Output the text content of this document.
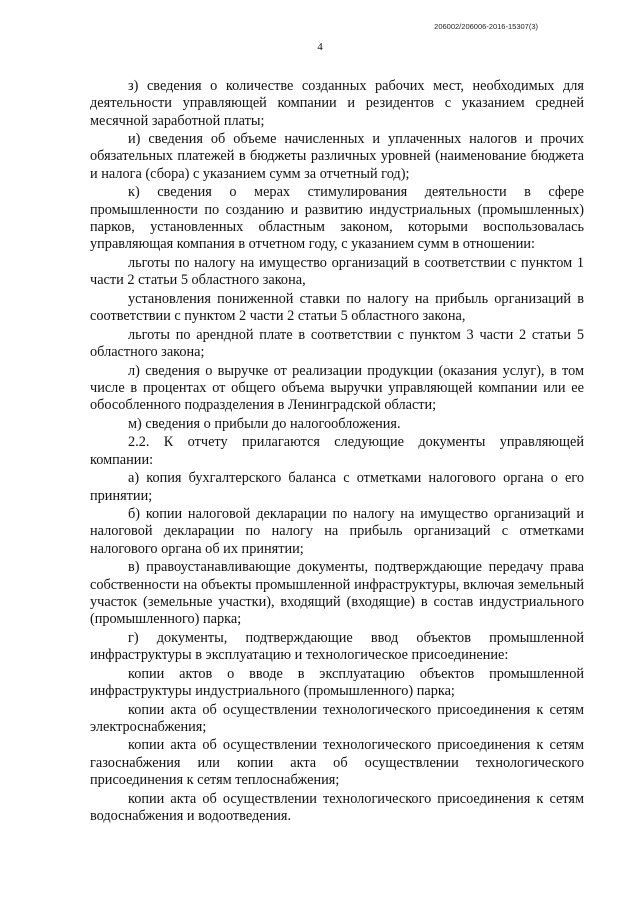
206002/206006-2016-15307(3)
4

з) сведения о количестве созданных рабочих мест, необходимых для деятельности управляющей компании и резидентов с указанием средней месячной заработной платы;

и) сведения об объеме начисленных и уплаченных налогов и прочих обязательных платежей в бюджеты различных уровней (наименование бюджета и налога (сбора) с указанием сумм за отчетный год);

к) сведения о мерах стимулирования деятельности в сфере промышленности по созданию и развитию индустриальных (промышленных) парков, установленных областным законом, которыми воспользовалась управляющая компания в отчетном году, с указанием сумм в отношении:

льготы по налогу на имущество организаций в соответствии с пунктом 1 части 2 статьи 5 областного закона,

установления пониженной ставки по налогу на прибыль организаций в соответствии с пунктом 2 части 2 статьи 5 областного закона,

льготы по арендной плате в соответствии с пунктом 3 части 2 статьи 5 областного закона;

л) сведения о выручке от реализации продукции (оказания услуг), в том числе в процентах от общего объема выручки управляющей компании или ее обособленного подразделения в Ленинградской области;

м) сведения о прибыли до налогообложения.

2.2. К отчету прилагаются следующие документы управляющей компании:

а) копия бухгалтерского баланса с отметками налогового органа о его принятии;

б) копии налоговой декларации по налогу на имущество организаций и налоговой декларации по налогу на прибыль организаций с отметками налогового органа об их принятии;

в) правоустанавливающие документы, подтверждающие передачу права собственности на объекты промышленной инфраструктуры, включая земельный участок (земельные участки), входящий (входящие) в состав индустриального (промышленного) парка;

г) документы, подтверждающие ввод объектов промышленной инфраструктуры в эксплуатацию и технологическое присоединение:

копии актов о вводе в эксплуатацию объектов промышленной инфраструктуры индустриального (промышленного) парка;

копии акта об осуществлении технологического присоединения к сетям электроснабжения;

копии акта об осуществлении технологического присоединения к сетям газоснабжения или копии акта об осуществлении технологического присоединения к сетям теплоснабжения;

копии акта об осуществлении технологического присоединения к сетям водоснабжения и водоотведения.
